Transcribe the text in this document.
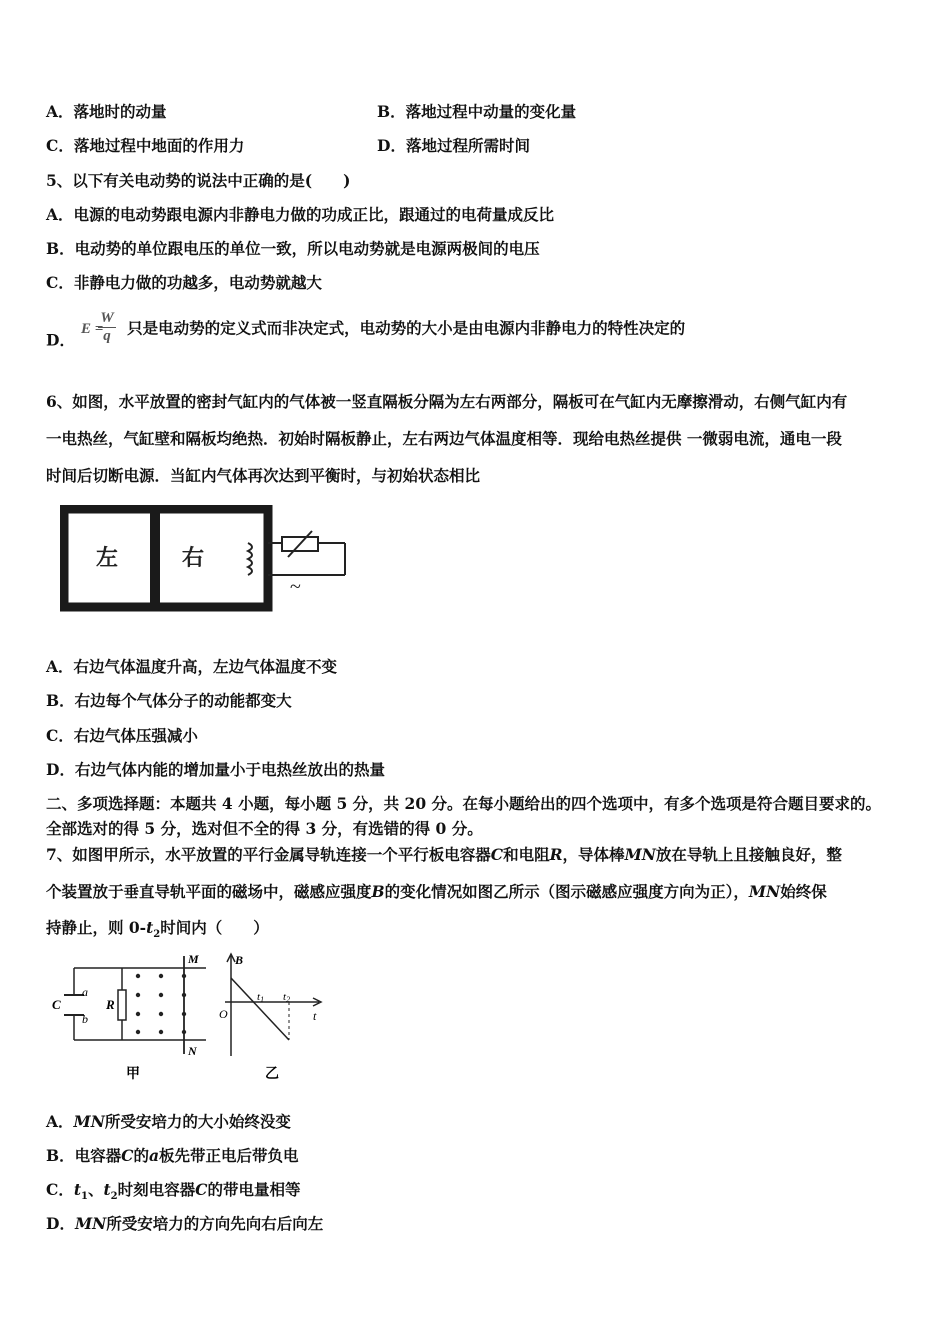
A．落地时的动量	B．落地过程中动量的变化量
C．落地过程中地面的作用力	D．落地过程所需时间
5、以下有关电动势的说法中正确的是(　　)
A．电源的电动势跟电源内非静电力做的功成正比，跟通过的电荷量成反比
B．电动势的单位跟电压的单位一致，所以电动势就是电源两极间的电压
C．非静电力做的功越多，电动势就越大
D．
E =
W
q	只是电动势的定义式而非决定式，电动势的大小是由电源内非静电力的特性决定的
6、如图，水平放置的密封气缸内的气体被一竖直隔板分隔为左右两部分，隔板可在气缸内无摩擦滑动，右侧气缸内有
一电热丝，气缸壁和隔板均绝热．初始时隔板静止，左右两边气体温度相等．现给电热丝提供 一微弱电流，通电一段
时间后切断电源．当缸内气体再次达到平衡时，与初始状态相比
左	右
~
A．右边气体温度升高，左边气体温度不变
B．右边每个气体分子的动能都变大
C．右边气体压强减小
D．右边气体内能的增加量小于电热丝放出的热量
二、多项选择题：本题共 4 小题，每小题 5 分，共 20 分。在每小题给出的四个选项中，有多个选项是符合题目要求的。
全部选对的得 5 分，选对但不全的得 3 分，有选错的得 0 分。
7、如图甲所示，水平放置的平行金属导轨连接一个平行板电容器C和电阻R，导体棒MN放在导轨上且接触良好，整
个装置放于垂直导轨平面的磁场中，磁感应强度B的变化情况如图乙所示（图示磁感应强度方向为正），MN始终保
持静止，则 $0-t_2$时间内（　　）
C
a
b
R
M
N
甲
B
O
t1 t2
t
乙
A．MN所受安培力的大小始终没变
B．电容器C的a板先带正电后带负电
C．$t_1$、$t_2$时刻电容器C的带电量相等
D．MN所受安培力的方向先向右后向左
